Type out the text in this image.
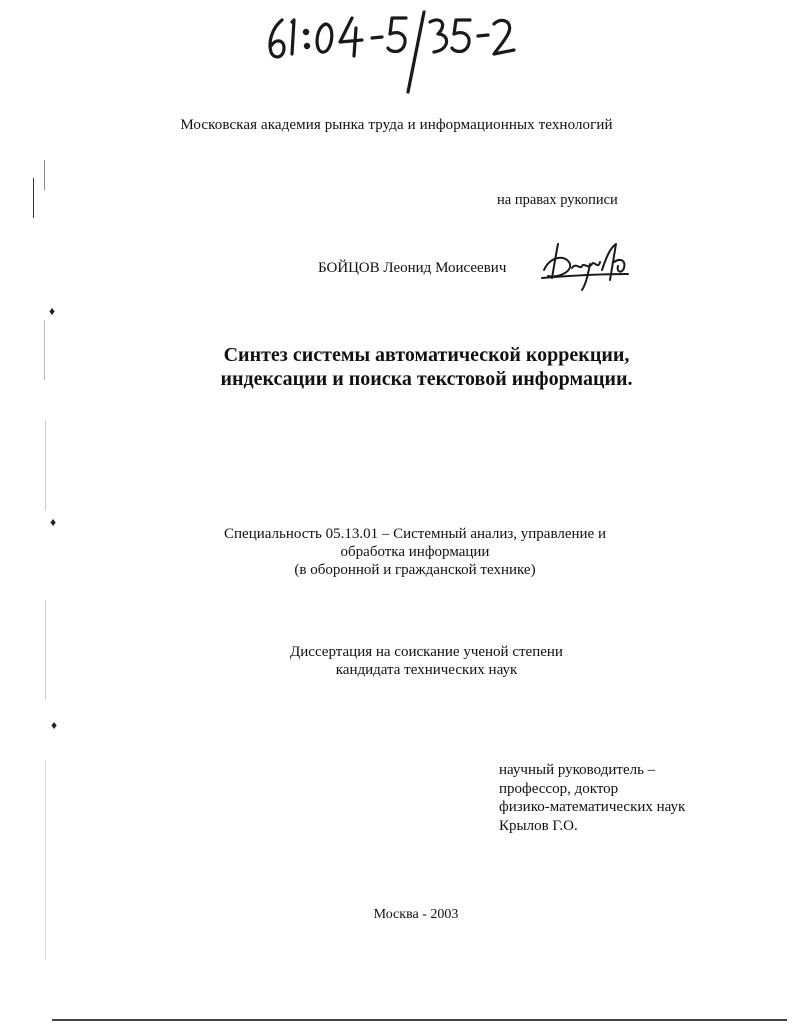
Московская академия рынка труда и информационных технологий
на правах рукописи
БОЙЦОВ Леонид Моисеевич
Синтез системы автоматической коррекции,
индексации и поиска текстовой информации.
Специальность 05.13.01 – Системный анализ, управление и
обработка информации
(в оборонной и гражданской технике)
Диссертация на соискание ученой степени
кандидата технических наук
научный руководитель –
профессор, доктор
физико-математических наук
Крылов Г.О.
Москва - 2003
♦
♦
♦
